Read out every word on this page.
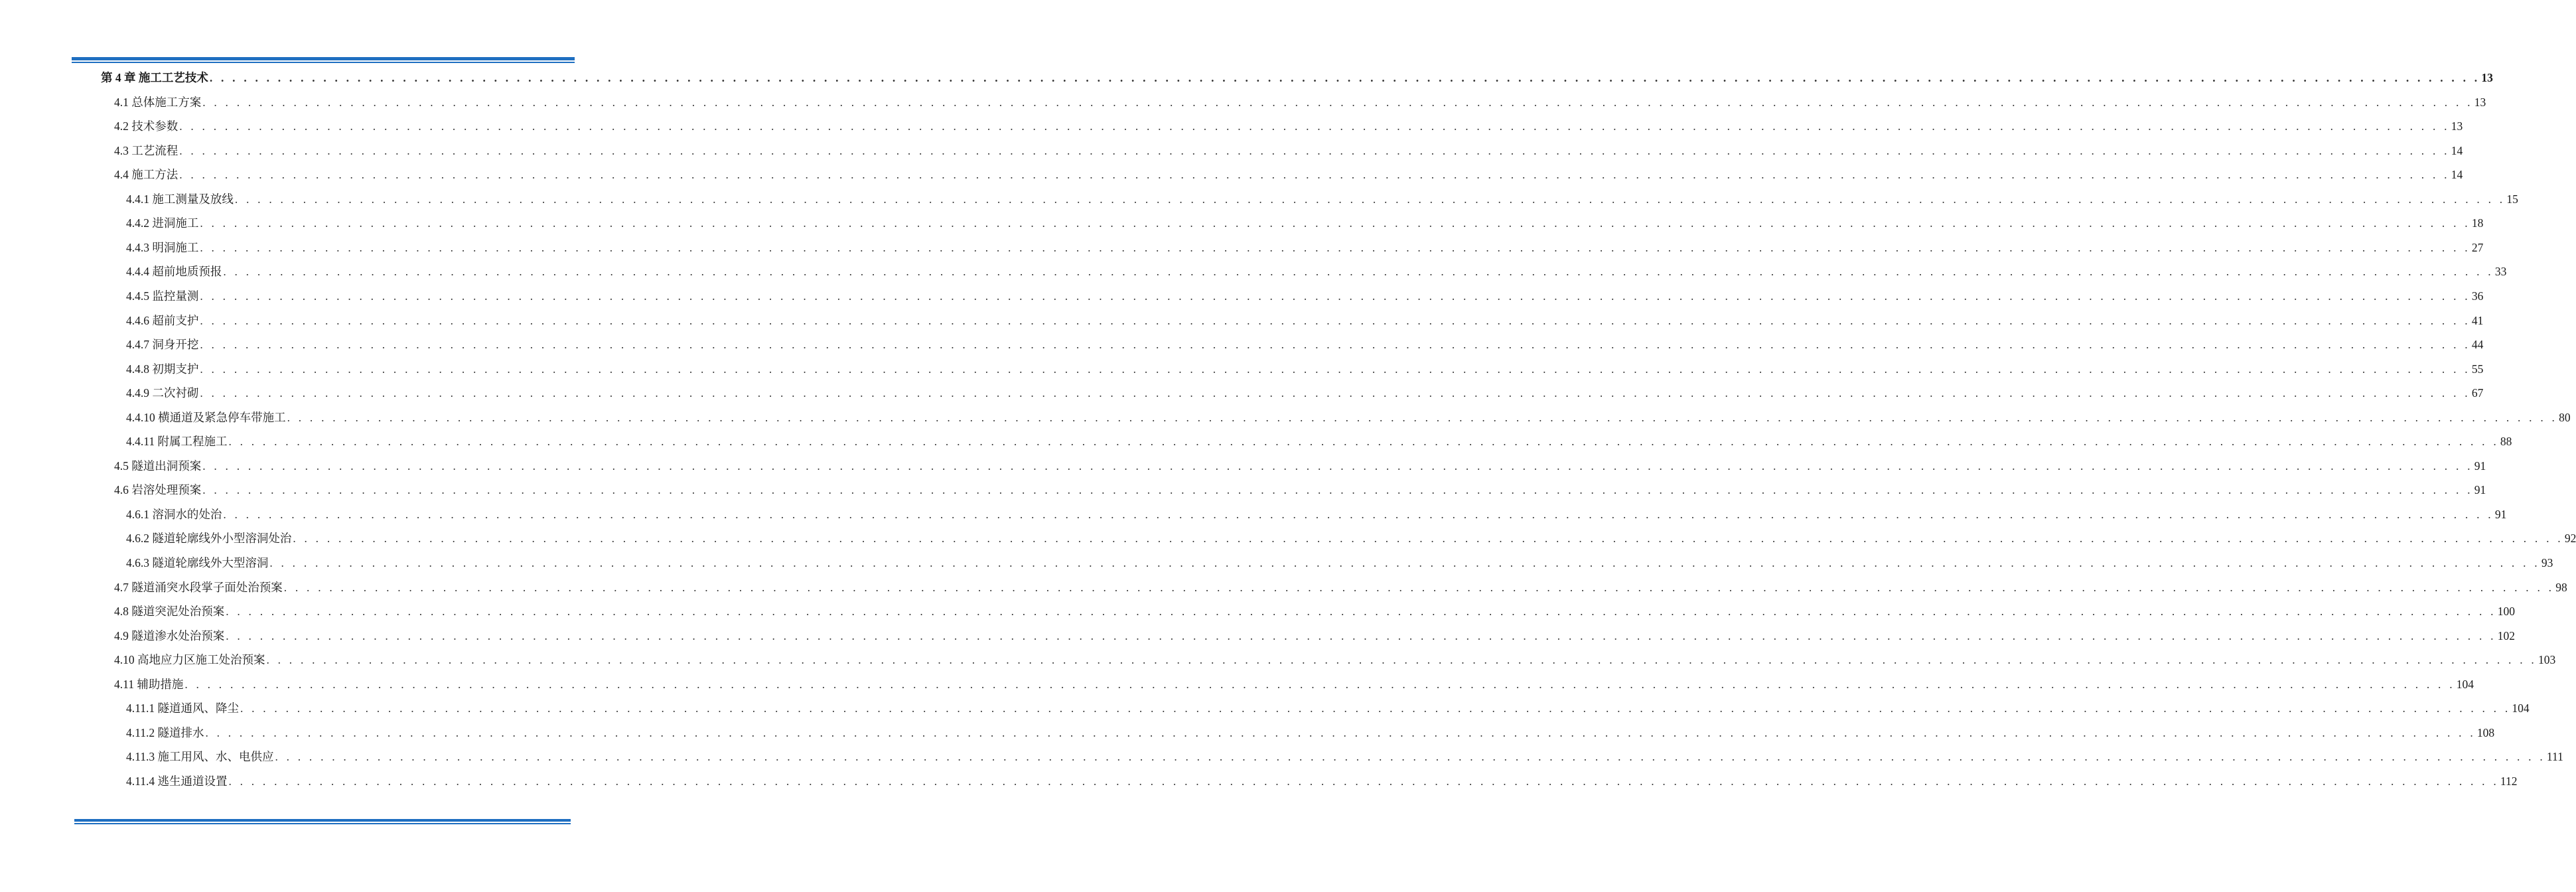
第 4 章 施工工艺技术 . . . . . . . . . . . . . . . . . . . . . . . . . . . . . . . . . . . . . . . . . . . . . . . . . . . . . . . . . . . . . . . . . . . . . . . . . . . . . . . . . . . . . . . . . . . . . . . . . . . . . . . . . . . . . . . . . . . . . . . . . . . . . . . . . . . . . . . . . . . . . . . . . . . . . . . . . . . . . . . . . . . . . . . . . . . . . . . . . . . . . . . . . . . . . . . . . . . . . . . . 13
4.1 总体施工方案 . . . . . . . . . . . . . . . . . . . . . . . . . . . . . . . . . . . . . . . . . . . . . . . . . . . . . . . . . . . . . . . . . . . . . . . . . . . . . . . . . . . . . . . . . . . . . . . . . . . . . . . . . . . . . . . . . . . . . . . . . . . . . . . . . . . . . . . . . . . . . . . . . . . . . . . . . . . . . . . . . . . . . . . . . . . . . . . . . . . . . . . . . . . . . . . . . . . . . . . . 13
4.2 技术参数 . . . . . . . . . . . . . . . . . . . . . . . . . . . . . . . . . . . . . . . . . . . . . . . . . . . . . . . . . . . . . . . . . . . . . . . . . . . . . . . . . . . . . . . . . . . . . . . . . . . . . . . . . . . . . . . . . . . . . . . . . . . . . . . . . . . . . . . . . . . . . . . . . . . . . . . . . . . . . . . . . . . . . . . . . . . . . . . . . . . . . . . . . . . . . . . . . . . . . . . . 13
4.3 工艺流程 . . . . . . . . . . . . . . . . . . . . . . . . . . . . . . . . . . . . . . . . . . . . . . . . . . . . . . . . . . . . . . . . . . . . . . . . . . . . . . . . . . . . . . . . . . . . . . . . . . . . . . . . . . . . . . . . . . . . . . . . . . . . . . . . . . . . . . . . . . . . . . . . . . . . . . . . . . . . . . . . . . . . . . . . . . . . . . . . . . . . . . . . . . . . . . . . . . . . . . . . 14
4.4 施工方法 . . . . . . . . . . . . . . . . . . . . . . . . . . . . . . . . . . . . . . . . . . . . . . . . . . . . . . . . . . . . . . . . . . . . . . . . . . . . . . . . . . . . . . . . . . . . . . . . . . . . . . . . . . . . . . . . . . . . . . . . . . . . . . . . . . . . . . . . . . . . . . . . . . . . . . . . . . . . . . . . . . . . . . . . . . . . . . . . . . . . . . . . . . . . . . . . . . . . . . . . 14
4.4.1 施工测量及放线 . . . . . . . . . . . . . . . . . . . . . . . . . . . . . . . . . . . . . . . . . . . . . . . . . . . . . . . . . . . . . . . . . . . . . . . . . . . . . . . . . . . . . . . . . . . . . . . . . . . . . . . . . . . . . . . . . . . . . . . . . . . . . . . . . . . . . . . . . . . . . . . . . . . . . . . . . . . . . . . . . . . . . . . . . . . . . . . . . . . . . . . . . . . . . . . . . . . . . . . . 15
4.4.2 进洞施工 . . . . . . . . . . . . . . . . . . . . . . . . . . . . . . . . . . . . . . . . . . . . . . . . . . . . . . . . . . . . . . . . . . . . . . . . . . . . . . . . . . . . . . . . . . . . . . . . . . . . . . . . . . . . . . . . . . . . . . . . . . . . . . . . . . . . . . . . . . . . . . . . . . . . . . . . . . . . . . . . . . . . . . . . . . . . . . . . . . . . . . . . . . . . . . . . . . . . . . . . 18
4.4.3 明洞施工 . . . . . . . . . . . . . . . . . . . . . . . . . . . . . . . . . . . . . . . . . . . . . . . . . . . . . . . . . . . . . . . . . . . . . . . . . . . . . . . . . . . . . . . . . . . . . . . . . . . . . . . . . . . . . . . . . . . . . . . . . . . . . . . . . . . . . . . . . . . . . . . . . . . . . . . . . . . . . . . . . . . . . . . . . . . . . . . . . . . . . . . . . . . . . . . . . . . . . . . . 27
4.4.4 超前地质预报 . . . . . . . . . . . . . . . . . . . . . . . . . . . . . . . . . . . . . . . . . . . . . . . . . . . . . . . . . . . . . . . . . . . . . . . . . . . . . . . . . . . . . . . . . . . . . . . . . . . . . . . . . . . . . . . . . . . . . . . . . . . . . . . . . . . . . . . . . . . . . . . . . . . . . . . . . . . . . . . . . . . . . . . . . . . . . . . . . . . . . . . . . . . . . . . . . . . . . . . . 33
4.4.5 监控量测 . . . . . . . . . . . . . . . . . . . . . . . . . . . . . . . . . . . . . . . . . . . . . . . . . . . . . . . . . . . . . . . . . . . . . . . . . . . . . . . . . . . . . . . . . . . . . . . . . . . . . . . . . . . . . . . . . . . . . . . . . . . . . . . . . . . . . . . . . . . . . . . . . . . . . . . . . . . . . . . . . . . . . . . . . . . . . . . . . . . . . . . . . . . . . . . . . . . . . . . . 36
4.4.6 超前支护 . . . . . . . . . . . . . . . . . . . . . . . . . . . . . . . . . . . . . . . . . . . . . . . . . . . . . . . . . . . . . . . . . . . . . . . . . . . . . . . . . . . . . . . . . . . . . . . . . . . . . . . . . . . . . . . . . . . . . . . . . . . . . . . . . . . . . . . . . . . . . . . . . . . . . . . . . . . . . . . . . . . . . . . . . . . . . . . . . . . . . . . . . . . . . . . . . . . . . . . . 41
4.4.7 洞身开挖 . . . . . . . . . . . . . . . . . . . . . . . . . . . . . . . . . . . . . . . . . . . . . . . . . . . . . . . . . . . . . . . . . . . . . . . . . . . . . . . . . . . . . . . . . . . . . . . . . . . . . . . . . . . . . . . . . . . . . . . . . . . . . . . . . . . . . . . . . . . . . . . . . . . . . . . . . . . . . . . . . . . . . . . . . . . . . . . . . . . . . . . . . . . . . . . . . . . . . . . . 44
4.4.8 初期支护 . . . . . . . . . . . . . . . . . . . . . . . . . . . . . . . . . . . . . . . . . . . . . . . . . . . . . . . . . . . . . . . . . . . . . . . . . . . . . . . . . . . . . . . . . . . . . . . . . . . . . . . . . . . . . . . . . . . . . . . . . . . . . . . . . . . . . . . . . . . . . . . . . . . . . . . . . . . . . . . . . . . . . . . . . . . . . . . . . . . . . . . . . . . . . . . . . . . . . . . . 55
4.4.9 二次衬砌 . . . . . . . . . . . . . . . . . . . . . . . . . . . . . . . . . . . . . . . . . . . . . . . . . . . . . . . . . . . . . . . . . . . . . . . . . . . . . . . . . . . . . . . . . . . . . . . . . . . . . . . . . . . . . . . . . . . . . . . . . . . . . . . . . . . . . . . . . . . . . . . . . . . . . . . . . . . . . . . . . . . . . . . . . . . . . . . . . . . . . . . . . . . . . . . . . . . . . . . . 67
4.4.10 横通道及紧急停车带施工 . . . . . . . . . . . . . . . . . . . . . . . . . . . . . . . . . . . . . . . . . . . . . . . . . . . . . . . . . . . . . . . . . . . . . . . . . . . . . . . . . . . . . . . . . . . . . . . . . . . . . . . . . . . . . . . . . . . . . . . . . . . . . . . . . . . . . . . . . . . . . . . . . . . . . . . . . . . . . . . . . . . . . . . . . . . . . . . . . . . . . . . . . . . . . . . . . . . . . . . . 80
4.4.11 附属工程施工 . . . . . . . . . . . . . . . . . . . . . . . . . . . . . . . . . . . . . . . . . . . . . . . . . . . . . . . . . . . . . . . . . . . . . . . . . . . . . . . . . . . . . . . . . . . . . . . . . . . . . . . . . . . . . . . . . . . . . . . . . . . . . . . . . . . . . . . . . . . . . . . . . . . . . . . . . . . . . . . . . . . . . . . . . . . . . . . . . . . . . . . . . . . . . . . . . . . . . . . . 88
4.5 隧道出洞预案 . . . . . . . . . . . . . . . . . . . . . . . . . . . . . . . . . . . . . . . . . . . . . . . . . . . . . . . . . . . . . . . . . . . . . . . . . . . . . . . . . . . . . . . . . . . . . . . . . . . . . . . . . . . . . . . . . . . . . . . . . . . . . . . . . . . . . . . . . . . . . . . . . . . . . . . . . . . . . . . . . . . . . . . . . . . . . . . . . . . . . . . . . . . . . . . . . . . . . . . . 91
4.6 岩溶处理预案 . . . . . . . . . . . . . . . . . . . . . . . . . . . . . . . . . . . . . . . . . . . . . . . . . . . . . . . . . . . . . . . . . . . . . . . . . . . . . . . . . . . . . . . . . . . . . . . . . . . . . . . . . . . . . . . . . . . . . . . . . . . . . . . . . . . . . . . . . . . . . . . . . . . . . . . . . . . . . . . . . . . . . . . . . . . . . . . . . . . . . . . . . . . . . . . . . . . . . . . . 91
4.6.1 溶洞水的处治 . . . . . . . . . . . . . . . . . . . . . . . . . . . . . . . . . . . . . . . . . . . . . . . . . . . . . . . . . . . . . . . . . . . . . . . . . . . . . . . . . . . . . . . . . . . . . . . . . . . . . . . . . . . . . . . . . . . . . . . . . . . . . . . . . . . . . . . . . . . . . . . . . . . . . . . . . . . . . . . . . . . . . . . . . . . . . . . . . . . . . . . . . . . . . . . . . . . . . . . . 91
4.6.2 隧道轮廓线外小型溶洞处治 . . . . . . . . . . . . . . . . . . . . . . . . . . . . . . . . . . . . . . . . . . . . . . . . . . . . . . . . . . . . . . . . . . . . . . . . . . . . . . . . . . . . . . . . . . . . . . . . . . . . . . . . . . . . . . . . . . . . . . . . . . . . . . . . . . . . . . . . . . . . . . . . . . . . . . . . . . . . . . . . . . . . . . . . . . . . . . . . . . . . . . . . . . . . . . . . . . . . . . . . 92
4.6.3 隧道轮廓线外大型溶洞 . . . . . . . . . . . . . . . . . . . . . . . . . . . . . . . . . . . . . . . . . . . . . . . . . . . . . . . . . . . . . . . . . . . . . . . . . . . . . . . . . . . . . . . . . . . . . . . . . . . . . . . . . . . . . . . . . . . . . . . . . . . . . . . . . . . . . . . . . . . . . . . . . . . . . . . . . . . . . . . . . . . . . . . . . . . . . . . . . . . . . . . . . . . . . . . . . . . . . . . . 93
4.7 隧道涌突水段掌子面处治预案 . . . . . . . . . . . . . . . . . . . . . . . . . . . . . . . . . . . . . . . . . . . . . . . . . . . . . . . . . . . . . . . . . . . . . . . . . . . . . . . . . . . . . . . . . . . . . . . . . . . . . . . . . . . . . . . . . . . . . . . . . . . . . . . . . . . . . . . . . . . . . . . . . . . . . . . . . . . . . . . . . . . . . . . . . . . . . . . . . . . . . . . . . . . . . . . . . . . . . . . . 98
4.8 隧道突泥处治预案 . . . . . . . . . . . . . . . . . . . . . . . . . . . . . . . . . . . . . . . . . . . . . . . . . . . . . . . . . . . . . . . . . . . . . . . . . . . . . . . . . . . . . . . . . . . . . . . . . . . . . . . . . . . . . . . . . . . . . . . . . . . . . . . . . . . . . . . . . . . . . . . . . . . . . . . . . . . . . . . . . . . . . . . . . . . . . . . . . . . . . . . . . . . . . . . . . . . . . . . . 100
4.9 隧道渗水处治预案 . . . . . . . . . . . . . . . . . . . . . . . . . . . . . . . . . . . . . . . . . . . . . . . . . . . . . . . . . . . . . . . . . . . . . . . . . . . . . . . . . . . . . . . . . . . . . . . . . . . . . . . . . . . . . . . . . . . . . . . . . . . . . . . . . . . . . . . . . . . . . . . . . . . . . . . . . . . . . . . . . . . . . . . . . . . . . . . . . . . . . . . . . . . . . . . . . . . . . . . . 102
4.10 高地应力区施工处治预案 . . . . . . . . . . . . . . . . . . . . . . . . . . . . . . . . . . . . . . . . . . . . . . . . . . . . . . . . . . . . . . . . . . . . . . . . . . . . . . . . . . . . . . . . . . . . . . . . . . . . . . . . . . . . . . . . . . . . . . . . . . . . . . . . . . . . . . . . . . . . . . . . . . . . . . . . . . . . . . . . . . . . . . . . . . . . . . . . . . . . . . . . . . . . . . . . . . . . . . . . 103
4.11 辅助措施 . . . . . . . . . . . . . . . . . . . . . . . . . . . . . . . . . . . . . . . . . . . . . . . . . . . . . . . . . . . . . . . . . . . . . . . . . . . . . . . . . . . . . . . . . . . . . . . . . . . . . . . . . . . . . . . . . . . . . . . . . . . . . . . . . . . . . . . . . . . . . . . . . . . . . . . . . . . . . . . . . . . . . . . . . . . . . . . . . . . . . . . . . . . . . . . . . . . . . . . . 104
4.11.1 隧道通风、降尘 . . . . . . . . . . . . . . . . . . . . . . . . . . . . . . . . . . . . . . . . . . . . . . . . . . . . . . . . . . . . . . . . . . . . . . . . . . . . . . . . . . . . . . . . . . . . . . . . . . . . . . . . . . . . . . . . . . . . . . . . . . . . . . . . . . . . . . . . . . . . . . . . . . . . . . . . . . . . . . . . . . . . . . . . . . . . . . . . . . . . . . . . . . . . . . . . . . . . . . . . 104
4.11.2 隧道排水 . . . . . . . . . . . . . . . . . . . . . . . . . . . . . . . . . . . . . . . . . . . . . . . . . . . . . . . . . . . . . . . . . . . . . . . . . . . . . . . . . . . . . . . . . . . . . . . . . . . . . . . . . . . . . . . . . . . . . . . . . . . . . . . . . . . . . . . . . . . . . . . . . . . . . . . . . . . . . . . . . . . . . . . . . . . . . . . . . . . . . . . . . . . . . . . . . . . . . . . . 108
4.11.3 施工用风、水、电供应 . . . . . . . . . . . . . . . . . . . . . . . . . . . . . . . . . . . . . . . . . . . . . . . . . . . . . . . . . . . . . . . . . . . . . . . . . . . . . . . . . . . . . . . . . . . . . . . . . . . . . . . . . . . . . . . . . . . . . . . . . . . . . . . . . . . . . . . . . . . . . . . . . . . . . . . . . . . . . . . . . . . . . . . . . . . . . . . . . . . . . . . . . . . . . . . . . . . . . . . . 111
4.11.4 逃生通道设置 . . . . . . . . . . . . . . . . . . . . . . . . . . . . . . . . . . . . . . . . . . . . . . . . . . . . . . . . . . . . . . . . . . . . . . . . . . . . . . . . . . . . . . . . . . . . . . . . . . . . . . . . . . . . . . . . . . . . . . . . . . . . . . . . . . . . . . . . . . . . . . . . . . . . . . . . . . . . . . . . . . . . . . . . . . . . . . . . . . . . . . . . . . . . . . . . . . . . . . . . 112
